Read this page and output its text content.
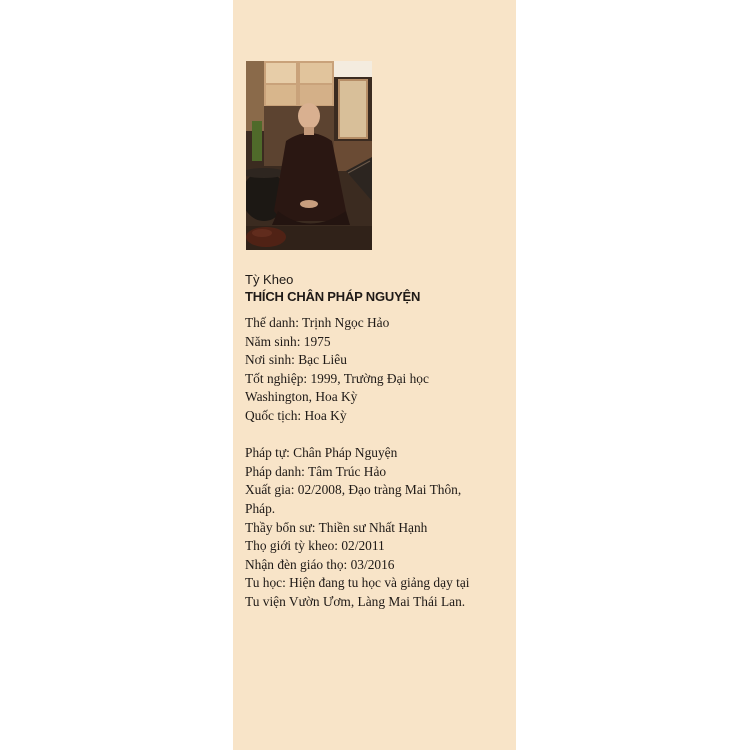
Tỳ Kheo
THÍCH CHÂN PHÁP NGUYỆN
Thế danh: Trịnh Ngọc Hảo
Năm sinh: 1975
Nơi sinh: Bạc Liêu
Tốt nghiệp: 1999, Trường Đại học
Washington, Hoa Kỳ
Quốc tịch: Hoa Kỳ
Pháp tự: Chân Pháp Nguyện
Pháp danh: Tâm Trúc Hảo
Xuất gia: 02/2008, Đạo tràng Mai Thôn,
Pháp.
Thầy bổn sư: Thiền sư Nhất Hạnh
Thọ giới tỳ kheo: 02/2011
Nhận đèn giáo thọ: 03/2016
Tu học: Hiện đang tu học và giảng dạy tại
Tu viện Vườn Ươm, Làng Mai Thái Lan.
